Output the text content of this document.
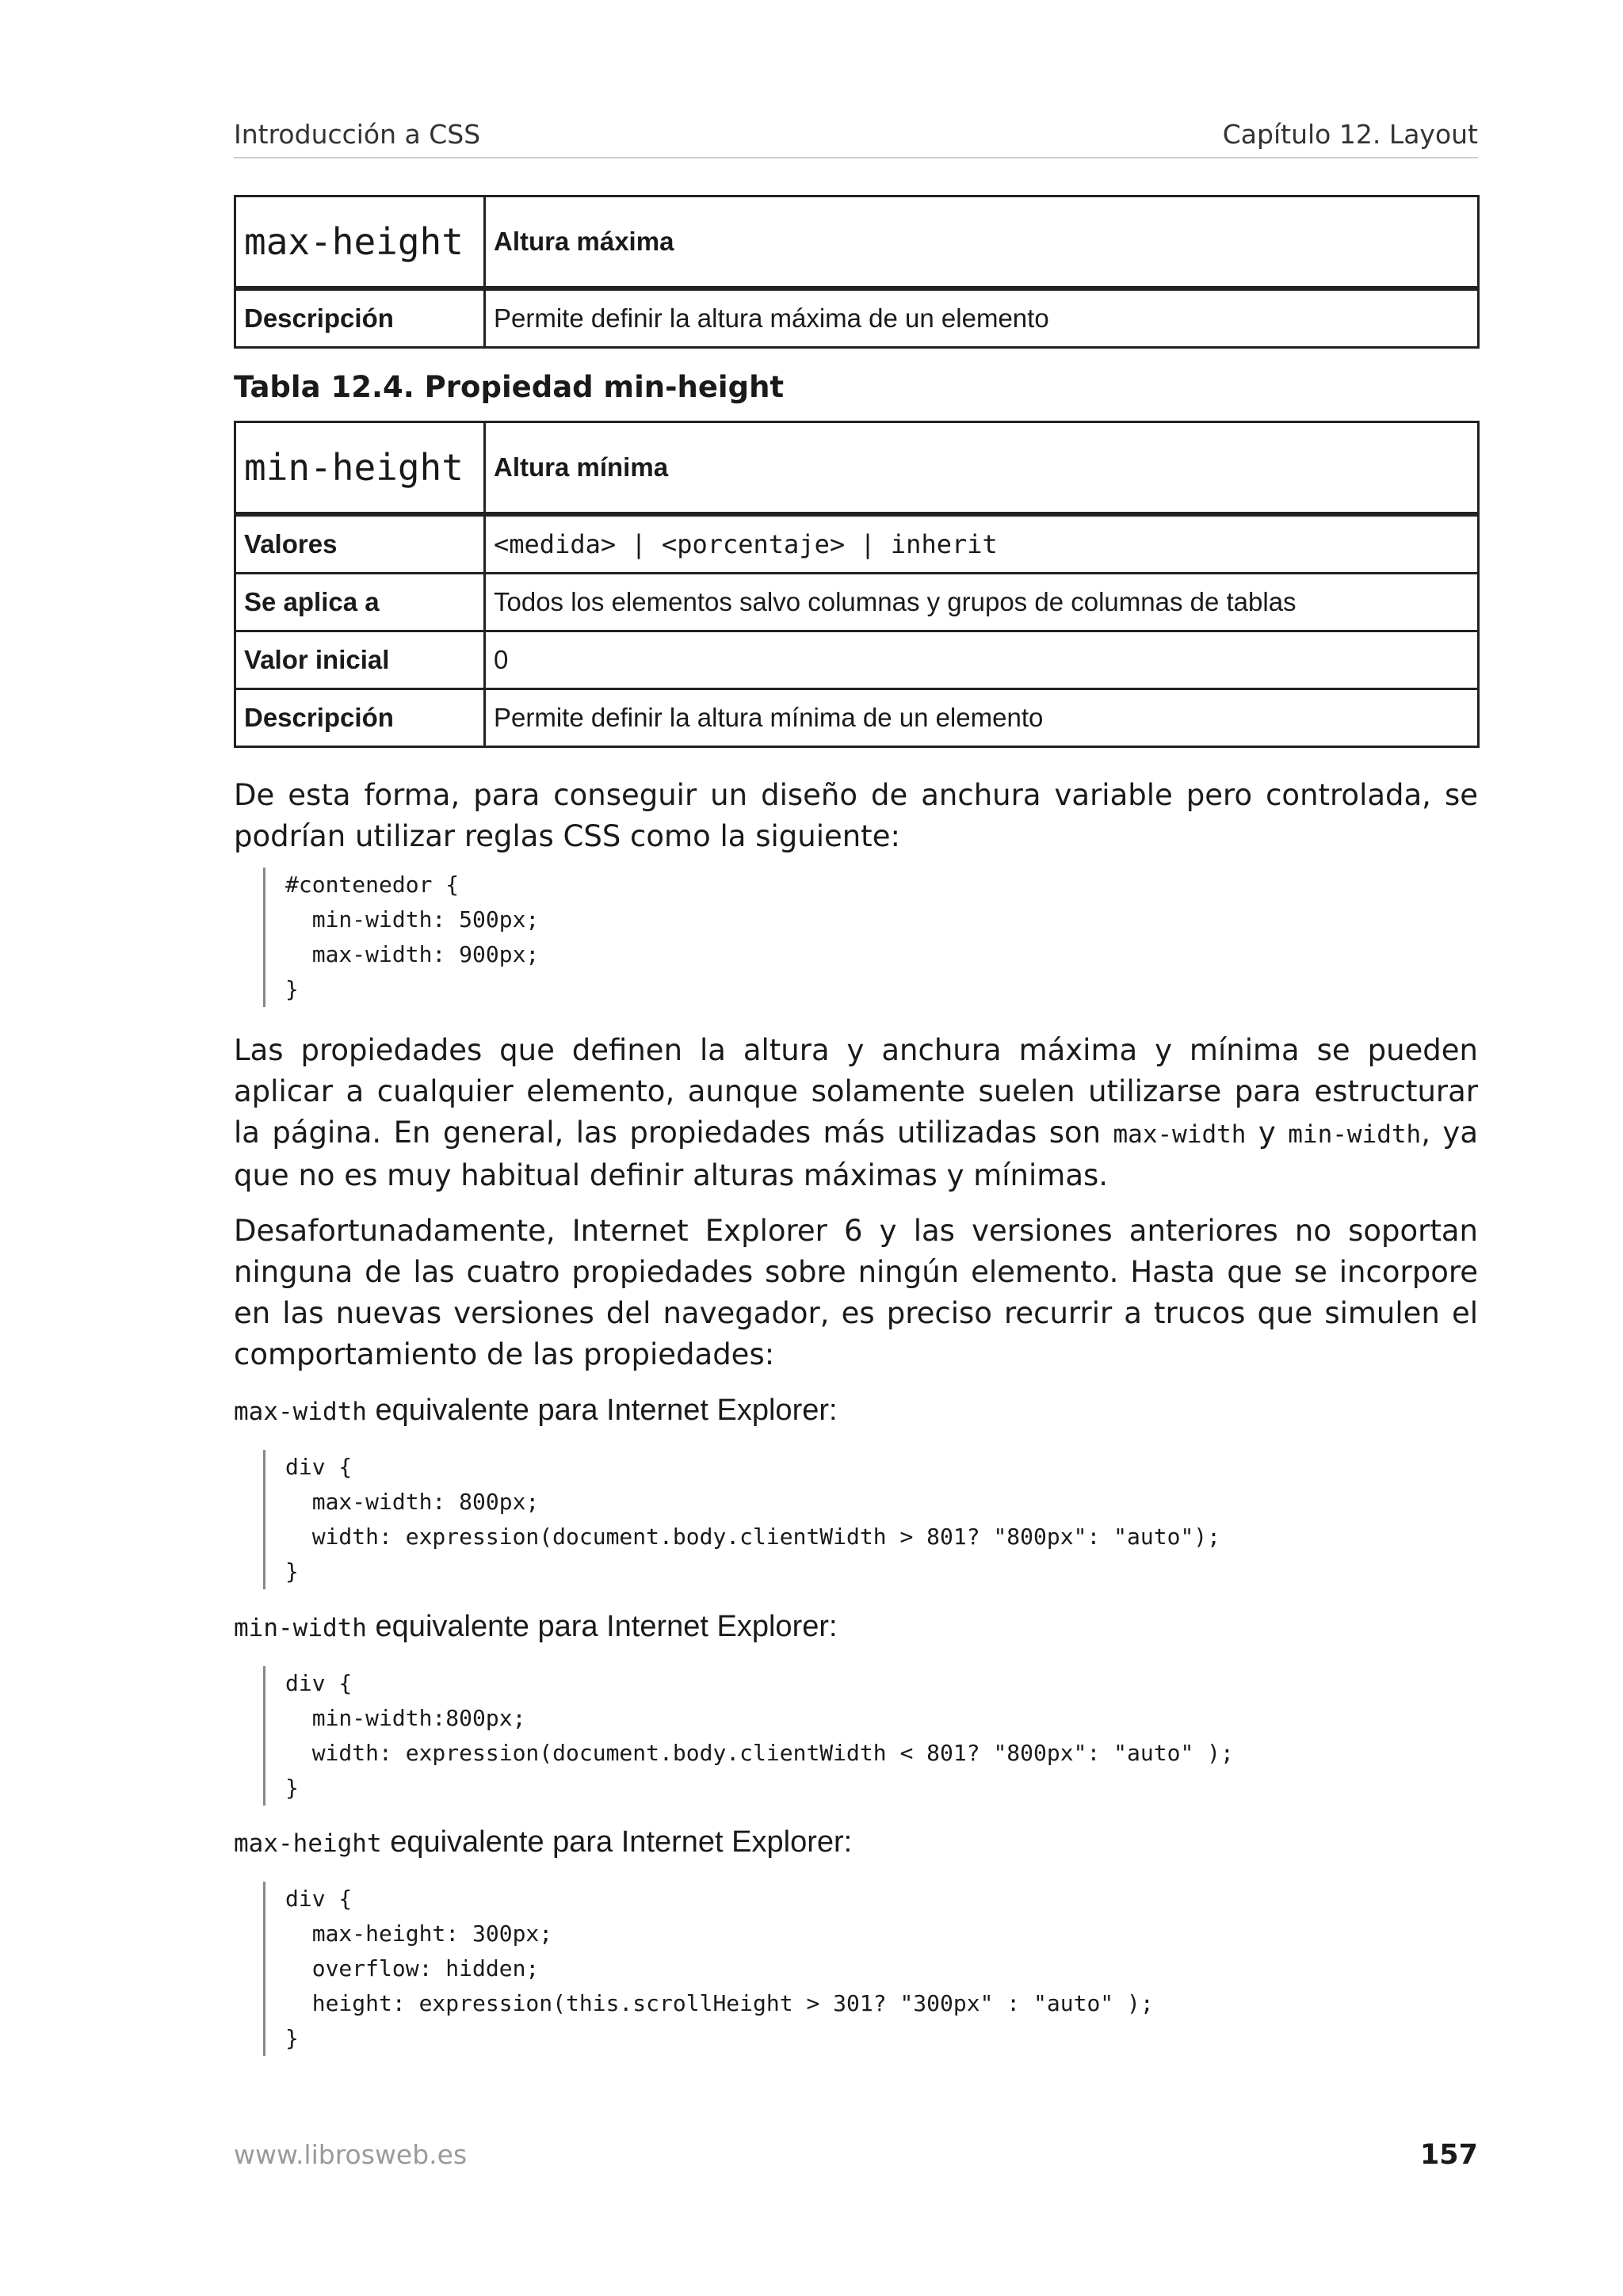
Introducción a CSS	Capítulo 12. Layout
max-height	Altura máxima
Descripción	Permite definir la altura máxima de un elemento
Tabla 12.4. Propiedad min-height
min-height	Altura mínima
Valores	<medida> | <porcentaje> | inherit
Se aplica a	Todos los elementos salvo columnas y grupos de columnas de tablas
Valor inicial	0
Descripción	Permite definir la altura mínima de un elemento

De esta forma, para conseguir un diseño de anchura variable pero controlada, se podrían utilizar reglas CSS como la siguiente:

#contenedor {
min-width: 500px;
max-width: 900px;
}

Las propiedades que definen la altura y anchura máxima y mínima se pueden aplicar a cualquier elemento, aunque solamente suelen utilizarse para estructurar la página. En general, las propiedades más utilizadas son max-width y min-width, ya que no es muy habitual definir alturas máximas y mínimas.

Desafortunadamente, Internet Explorer 6 y las versiones anteriores no soportan ninguna de las cuatro propiedades sobre ningún elemento. Hasta que se incorpore en las nuevas versiones del navegador, es preciso recurrir a trucos que simulen el comportamiento de las propiedades:

max-width equivalente para Internet Explorer:
div {
max-width: 800px;
width: expression(document.body.clientWidth > 801? "800px": "auto");
}
min-width equivalente para Internet Explorer:
div {
min-width:800px;
width: expression(document.body.clientWidth < 801? "800px": "auto" );
}
max-height equivalente para Internet Explorer:
div {
max-height: 300px;
overflow: hidden;
height: expression(this.scrollHeight > 301? "300px" : "auto" );
}
www.librosweb.es	157
